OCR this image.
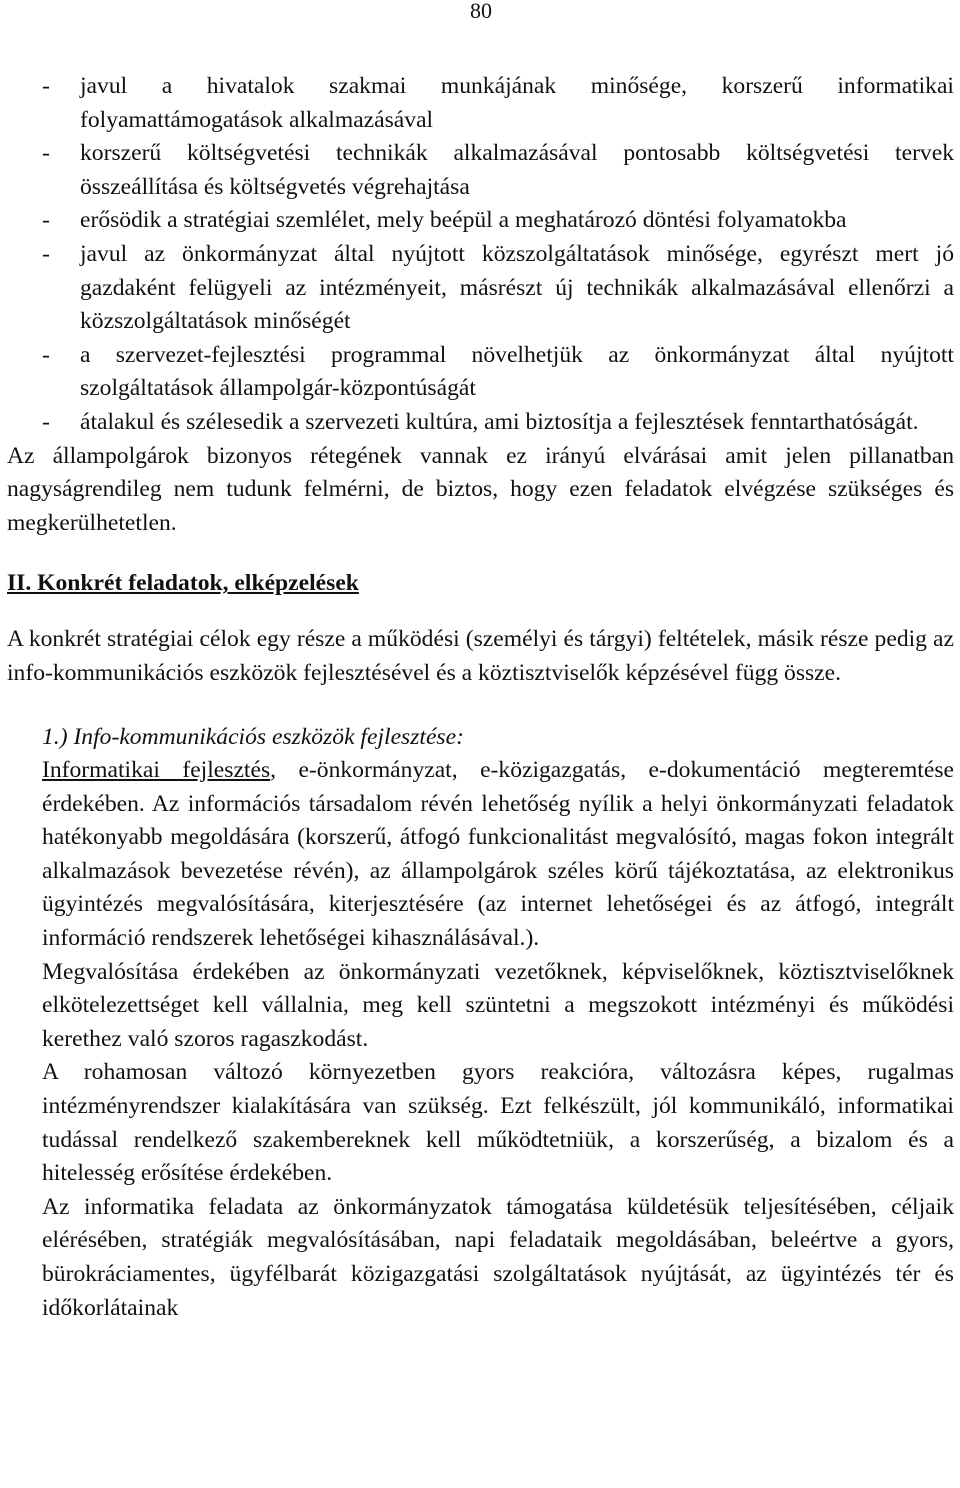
80
- javul a hivatalok szakmai munkájának minősége, korszerű informatikai folyamattámogatások alkalmazásával
- korszerű költségvetési technikák alkalmazásával pontosabb költségvetési tervek összeállítása és költségvetés végrehajtása
- erősödik a stratégiai szemlélet, mely beépül a meghatározó döntési folyamatokba
- javul az önkormányzat által nyújtott közszolgáltatások minősége, egyrészt mert jó gazdaként felügyeli az intézményeit, másrészt új technikák alkalmazásával ellenőrzi a közszolgáltatások minőségét
- a szervezet-fejlesztési programmal növelhetjük az önkormányzat által nyújtott szolgáltatások állampolgár-központúságát
- átalakul és szélesedik a szervezeti kultúra, ami biztosítja a fejlesztések fenntarthatóságát.

Az állampolgárok bizonyos rétegének vannak ez irányú elvárásai amit jelen pillanatban nagyságrendileg nem tudunk felmérni, de biztos, hogy ezen feladatok elvégzése szükséges és megkerülhetetlen.

II. Konkrét feladatok, elképzelések

A konkrét stratégiai célok egy része a működési (személyi és tárgyi) feltételek, másik része pedig az info-kommunikációs eszközök fejlesztésével és a köztisztviselők képzésével függ össze.

1.) Info-kommunikációs eszközök fejlesztése:

Informatikai fejlesztés, e-önkormányzat, e-közigazgatás, e-dokumentáció megteremtése érdekében. Az információs társadalom révén lehetőség nyílik a helyi önkormányzati feladatok hatékonyabb megoldására (korszerű, átfogó funkcionalitást megvalósító, magas fokon integrált alkalmazások bevezetése révén), az állampolgárok széles körű tájékoztatása, az elektronikus ügyintézés megvalósítására, kiterjesztésére (az internet lehetőségei és az átfogó, integrált információ rendszerek lehetőségei kihasználásával.).

Megvalósítása érdekében az önkormányzati vezetőknek, képviselőknek, köztisztviselőknek elkötelezettséget kell vállalnia, meg kell szüntetni a megszokott intézményi és működési kerethez való szoros ragaszkodást.

A rohamosan változó környezetben gyors reakcióra, változásra képes, rugalmas intézményrendszer kialakítására van szükség. Ezt felkészült, jól kommunikáló, informatikai tudással rendelkező szakembereknek kell működtetniük, a korszerűség, a bizalom és a hitelesség erősítése érdekében.

Az informatika feladata az önkormányzatok támogatása küldetésük teljesítésében, céljaik elérésében, stratégiák megvalósításában, napi feladataik megoldásában, beleértve a gyors, bürokráciamentes, ügyfélbarát közigazgatási szolgáltatások nyújtását, az ügyintézés tér és időkorlátainak
